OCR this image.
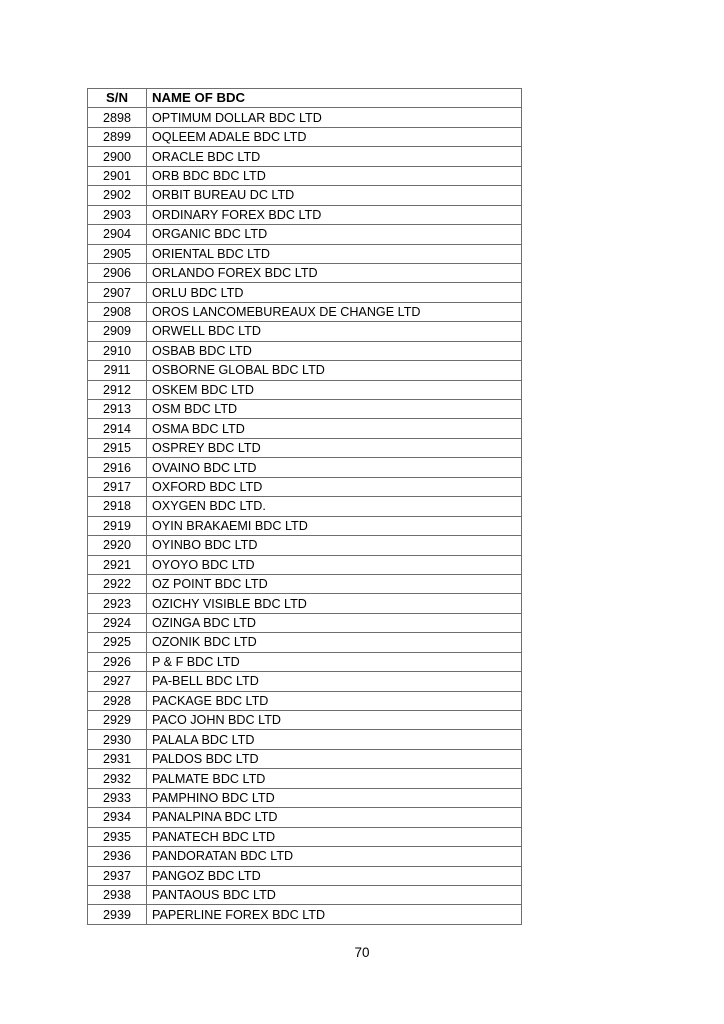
S/N	NAME OF BDC
2898	OPTIMUM DOLLAR BDC LTD
2899	OQLEEM ADALE BDC LTD
2900	ORACLE BDC LTD
2901	ORB BDC BDC LTD
2902	ORBIT BUREAU DC LTD
2903	ORDINARY FOREX BDC LTD
2904	ORGANIC BDC LTD
2905	ORIENTAL BDC LTD
2906	ORLANDO FOREX BDC LTD
2907	ORLU BDC LTD
2908	OROS LANCOMEBUREAUX DE CHANGE LTD
2909	ORWELL BDC LTD
2910	OSBAB BDC LTD
2911	OSBORNE GLOBAL BDC LTD
2912	OSKEM BDC LTD
2913	OSM BDC LTD
2914	OSMA BDC LTD
2915	OSPREY BDC LTD
2916	OVAINO BDC LTD
2917	OXFORD BDC LTD
2918	OXYGEN BDC LTD.
2919	OYIN BRAKAEMI BDC LTD
2920	OYINBO BDC LTD
2921	OYOYO BDC LTD
2922	OZ POINT BDC LTD
2923	OZICHY VISIBLE BDC LTD
2924	OZINGA BDC LTD
2925	OZONIK BDC LTD
2926	P & F BDC LTD
2927	PA-BELL BDC LTD
2928	PACKAGE BDC LTD
2929	PACO JOHN BDC LTD
2930	PALALA BDC LTD
2931	PALDOS BDC LTD
2932	PALMATE BDC LTD
2933	PAMPHINO BDC LTD
2934	PANALPINA BDC LTD
2935	PANATECH BDC LTD
2936	PANDORATAN BDC LTD
2937	PANGOZ BDC LTD
2938	PANTAOUS BDC LTD
2939	PAPERLINE FOREX BDC LTD
70
